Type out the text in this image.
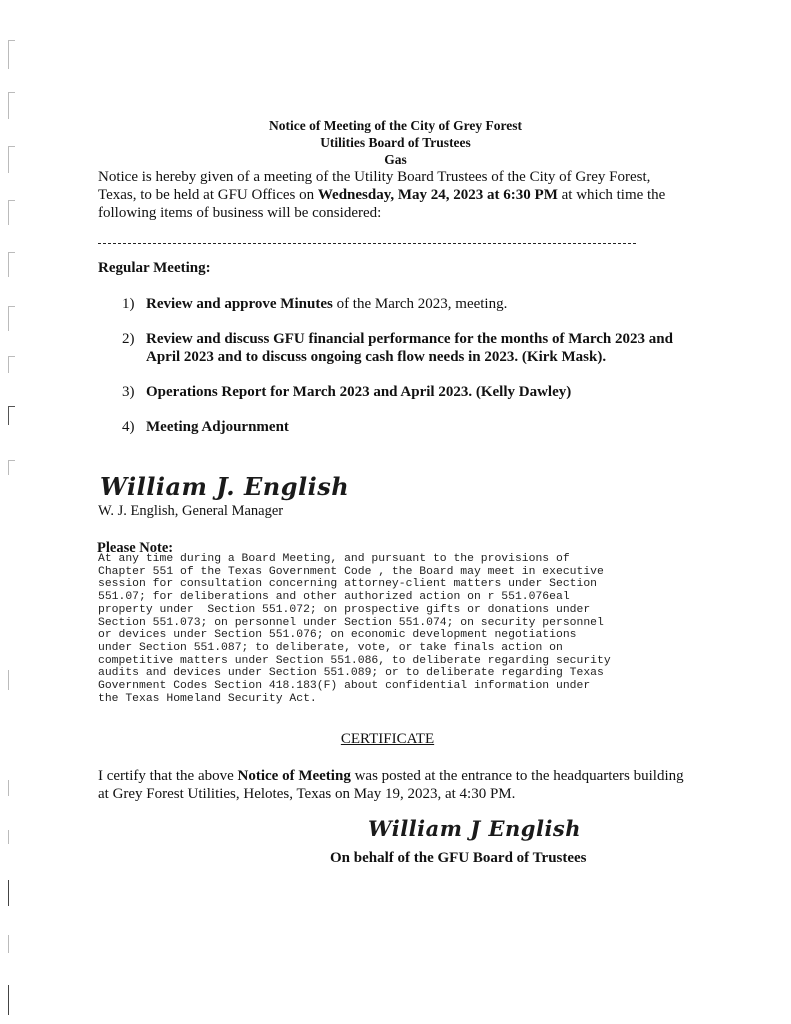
Notice of Meeting of the City of Grey Forest
Utilities Board of Trustees
Gas
Notice is hereby given of a meeting of the Utility Board Trustees of the City of Grey Forest, Texas, to be held at GFU Offices on Wednesday, May 24, 2023 at 6:30 PM at which time the following items of business will be considered:
Regular Meeting:
1) Review and approve Minutes of the March 2023, meeting.
2) Review and discuss GFU financial performance for the months of March 2023 and April 2023 and to discuss ongoing cash flow needs in 2023. (Kirk Mask).
3) Operations Report for March 2023 and April 2023. (Kelly Dawley)
4) Meeting Adjournment
William J. English
W. J. English, General Manager
Please Note:
At any time during a Board Meeting, and pursuant to the provisions of
Chapter 551 of the Texas Government Code , the Board may meet in executive
session for consultation concerning attorney-client matters under Section
551.07; for deliberations and other authorized action on r 551.076eal
property under  Section 551.072; on prospective gifts or donations under
Section 551.073; on personnel under Section 551.074; on security personnel
or devices under Section 551.076; on economic development negotiations
under Section 551.087; to deliberate, vote, or take finals action on
competitive matters under Section 551.086, to deliberate regarding security
audits and devices under Section 551.089; or to deliberate regarding Texas
Government Codes Section 418.183(F) about confidential information under
the Texas Homeland Security Act.
CERTIFICATE
I certify that the above Notice of Meeting was posted at the entrance to the headquarters building at Grey Forest Utilities, Helotes, Texas on May 19, 2023, at 4:30 PM.
William J English
On behalf of the GFU Board of Trustees
